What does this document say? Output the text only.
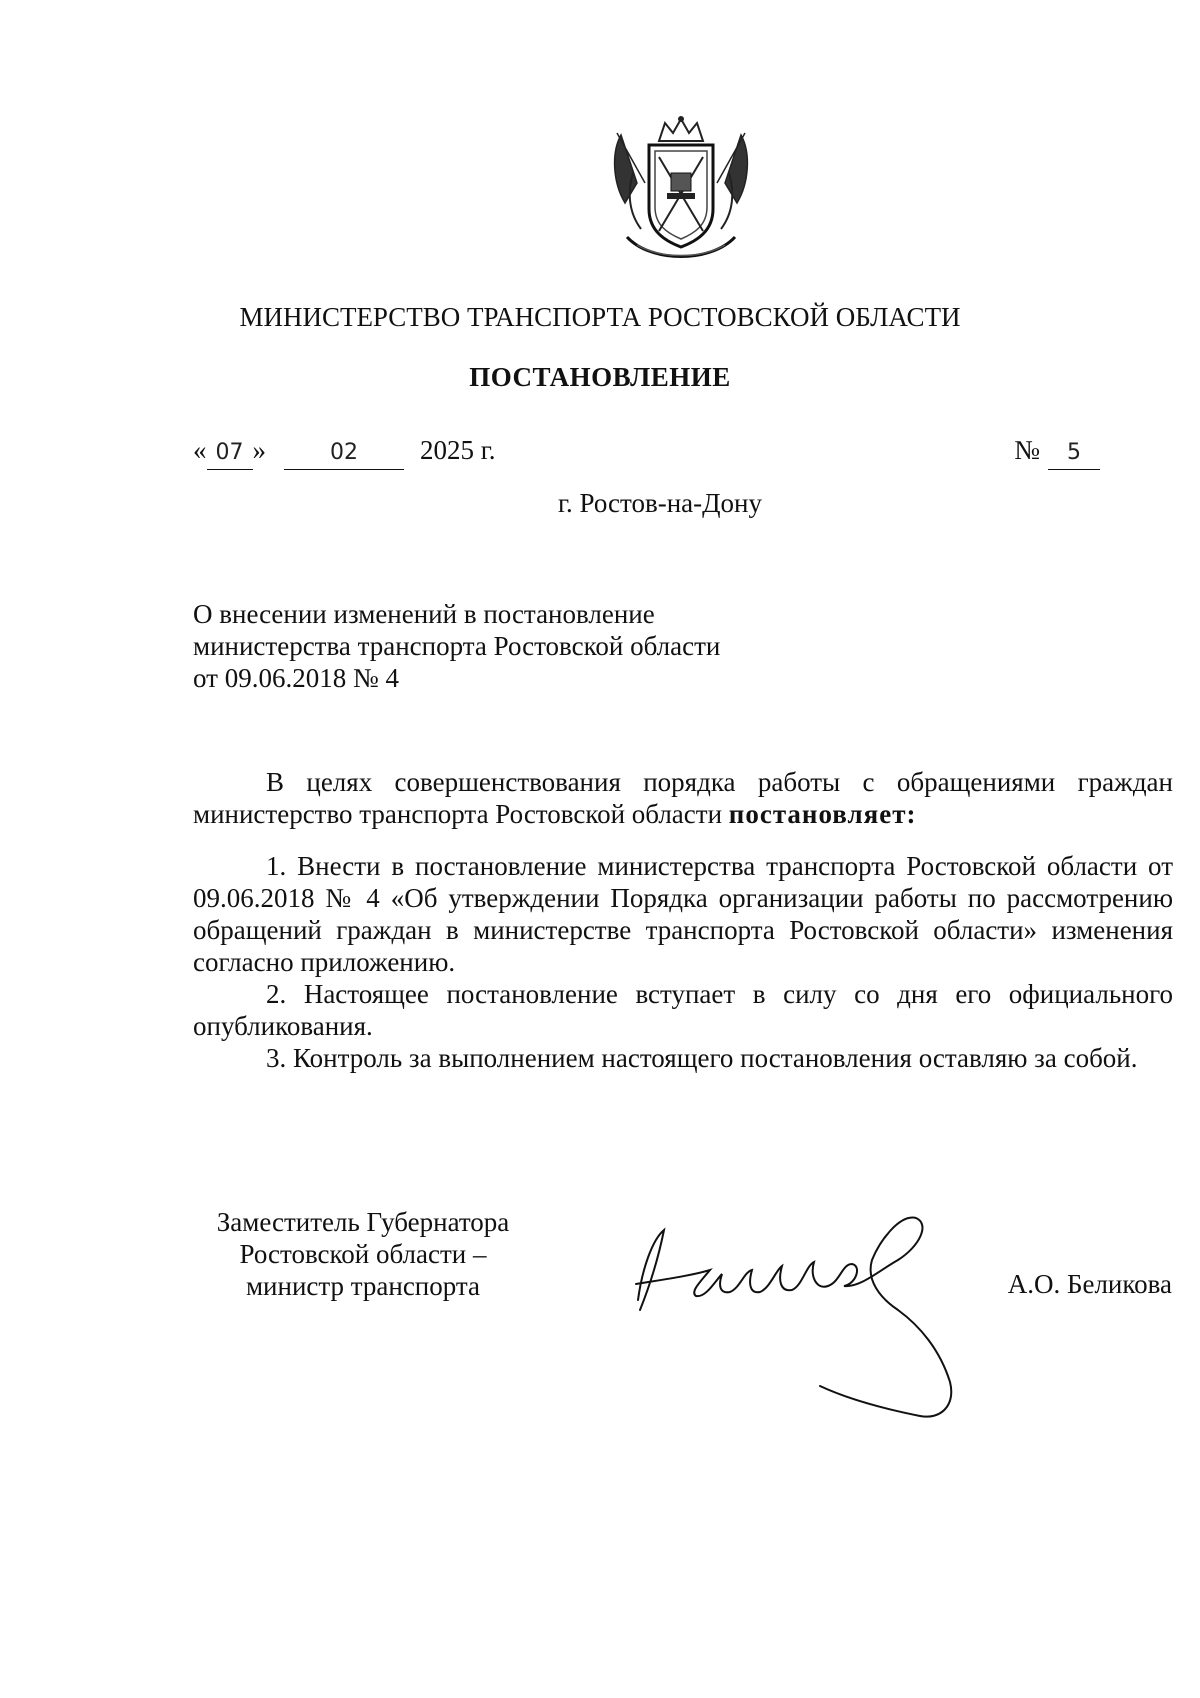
МИНИСТЕРСТВО ТРАНСПОРТА РОСТОВСКОЙ ОБЛАСТИ
ПОСТАНОВЛЕНИЕ
« 07 »	02 2025 г.	№ 5
г. Ростов-на-Дону
О внесении изменений в постановление
министерства транспорта Ростовской области
от 09.06.2018 № 4

В целях совершенствования порядка работы с обращениями граждан министерство транспорта Ростовской области постановляет:

1. Внести в постановление министерства транспорта Ростовской области от 09.06.2018 № 4 «Об утверждении Порядка организации работы по рассмотрению обращений граждан в министерстве транспорта Ростовской области» изменения согласно приложению.

2. Настоящее постановление вступает в силу со дня его официального опубликования.

3. Контроль за выполнением настоящего постановления оставляю за собой.

Заместитель Губернатора
Ростовской области –
министр транспорта	А.О. Беликова
